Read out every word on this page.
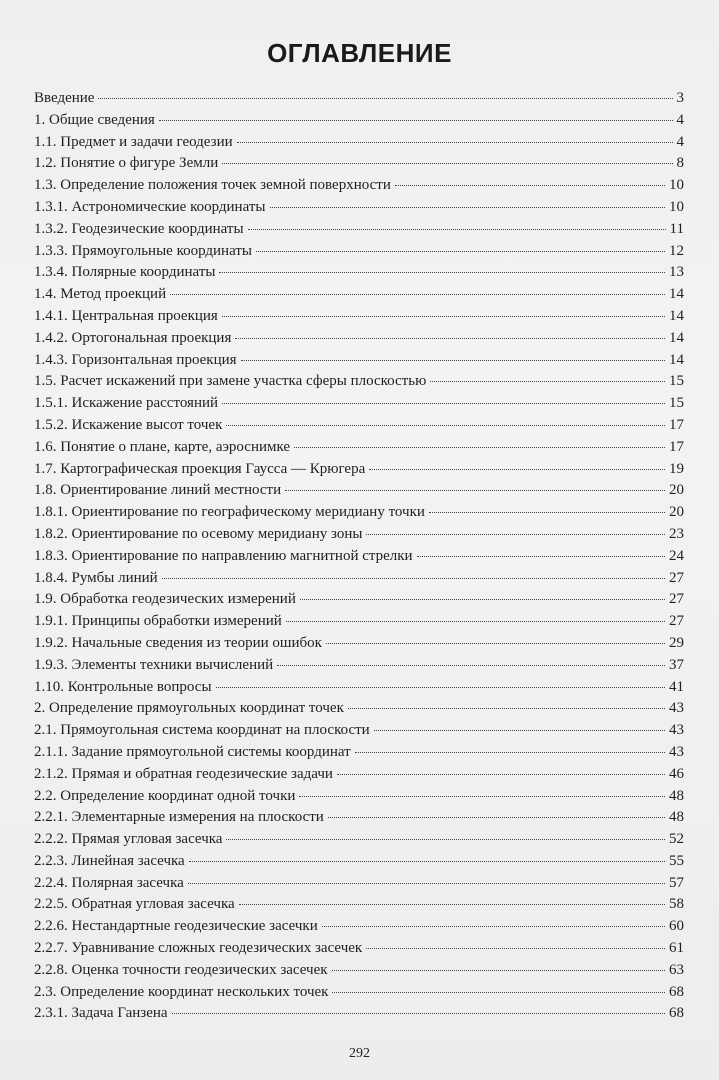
ОГЛАВЛЕНИЕ
Введение	3
1. Общие сведения	4
1.1. Предмет и задачи геодезии	4
1.2. Понятие о фигуре Земли	8
1.3. Определение положения точек земной поверхности	10
1.3.1. Астрономические координаты	10
1.3.2. Геодезические координаты	11
1.3.3. Прямоугольные координаты	12
1.3.4. Полярные координаты	13
1.4. Метод проекций	14
1.4.1. Центральная проекция	14
1.4.2. Ортогональная проекция	14
1.4.3. Горизонтальная проекция	14
1.5. Расчет искажений при замене участка сферы плоскостью	15
1.5.1. Искажение расстояний	15
1.5.2. Искажение высот точек	17
1.6. Понятие о плане, карте, аэроснимке	17
1.7. Картографическая проекция Гаусса — Крюгера	19
1.8. Ориентирование линий местности	20
1.8.1. Ориентирование по географическому меридиану точки	20
1.8.2. Ориентирование по осевому меридиану зоны	23
1.8.3. Ориентирование по направлению магнитной стрелки	24
1.8.4. Румбы линий	27
1.9. Обработка геодезических измерений	27
1.9.1. Принципы обработки измерений	27
1.9.2. Начальные сведения из теории ошибок	29
1.9.3. Элементы техники вычислений	37
1.10. Контрольные вопросы	41
2. Определение прямоугольных координат точек	43
2.1. Прямоугольная система координат на плоскости	43
2.1.1. Задание прямоугольной системы координат	43
2.1.2. Прямая и обратная геодезические задачи	46
2.2. Определение координат одной точки	48
2.2.1. Элементарные измерения на плоскости	48
2.2.2. Прямая угловая засечка	52
2.2.3. Линейная засечка	55
2.2.4. Полярная засечка	57
2.2.5. Обратная угловая засечка	58
2.2.6. Нестандартные геодезические засечки	60
2.2.7. Уравнивание сложных геодезических засечек	61
2.2.8. Оценка точности геодезических засечек	63
2.3. Определение координат нескольких точек	68
2.3.1. Задача Ганзена	68
292
